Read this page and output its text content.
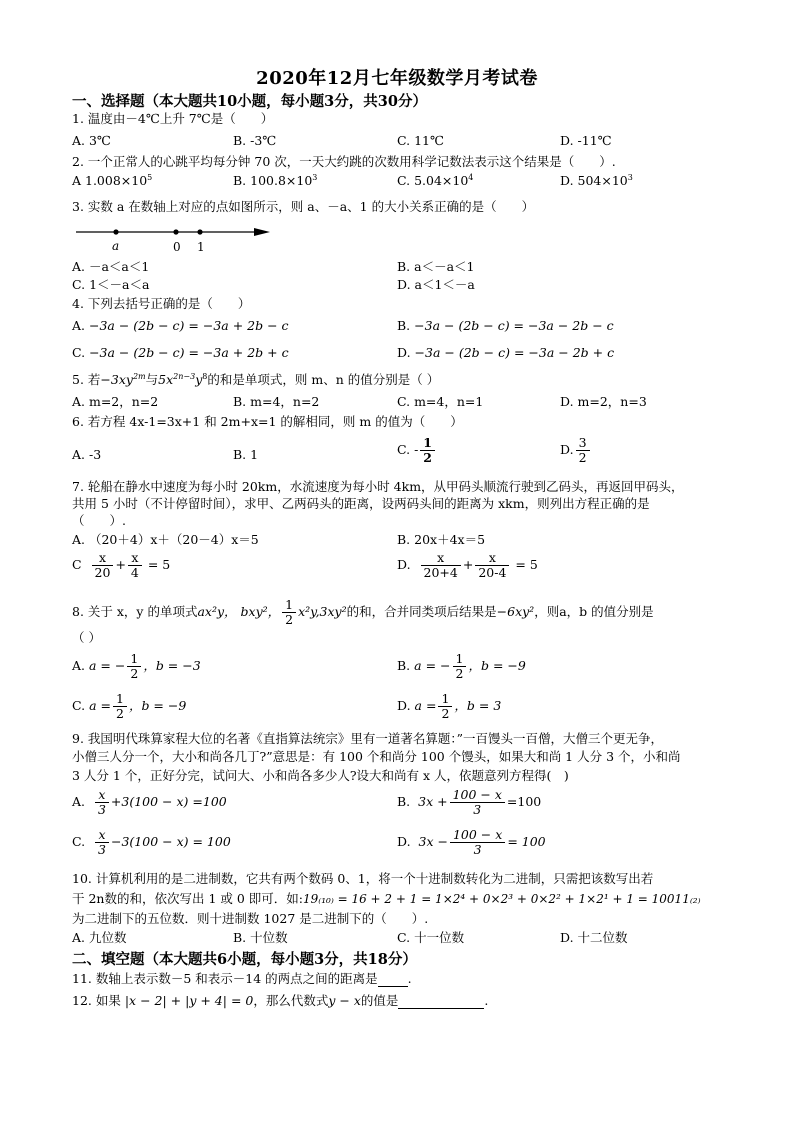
2020年12月七年级数学月考试卷
一、选择题（本大题共10小题，每小题3分，共30分）
1. 温度由－4℃上升 7℃是（　　）
A. 3℃	B. -3℃	C. 11℃	D. -11℃
2. 一个正常人的心跳平均每分钟 70 次，一天大约跳的次数用科学记数法表示这个结果是（　　）.
A $1.008\times 10^5$	B. $100.8\times 10^3$	C. $5.04\times 10^4$	D. $504\times 10^3$
3. 实数 a 在数轴上对应的点如图所示，则 a、－a、1 的大小关系正确的是（　　）
a	0 1
A. －a＜a＜1	B. a＜－a＜1
C. 1＜－a＜a	D. a＜1＜－a
4. 下列去括号正确的是（　　）
A. −3a − (2b − c) = −3a + 2b − c	B. −3a − (2b − c) = −3a − 2b − c
C. −3a − (2b − c) = −3a + 2b + c	D. −3a − (2b − c) = −3a − 2b + c
5. 若$-3xy^{2m}$与$5x^{2n-3}y^8$的和是单项式，则 m、n 的值分别是（ ）
A. m=2，n=2	B. m=4，n=2	C. m=4，n=1	D. m=2，n=3
6. 若方程 4x-1=3x+1 和 2m+x=1 的解相同，则 m 的值为（　　）
A. -3	B. 1	C. - $\frac{1}{2}$	D. $\frac{3}{2}$
7. 轮船在静水中速度为每小时 20km，水流速度为每小时 4km，从甲码头顺流行驶到乙码头，再返回甲码头，
共用 5 小时（不计停留时间），求甲、乙两码头的距离，设两码头间的距离为 xkm，则列出方程正确的是
（　　）.
A. （20＋4）x＋（20－4）x＝5	B. 20x＋4x＝5
C $\frac{x}{20} + \frac{x}{4} = 5$	D. $\frac{x}{20+4} + \frac{x}{20-4} = 5$
8. 关于 x，y 的单项式ax²y， bxy²， $\frac{1}{2} x^2y,3xy^2$的和，合并同类项后结果是−6xy²，则a，b 的值分别是
（ ）
A. a = − $\frac{1}{2}$ ，b = −3	B. a = − $\frac{1}{2}$ ，b = −9
C. $a = \frac{1}{2}$ ，b = −9	D. $a = \frac{1}{2}$ ，b = 3
9. 我国明代珠算家程大位的名著《直指算法统宗》里有一道著名算题：”一百馒头一百僧，大僧三个更无争，
小僧三人分一个，大小和尚各几丁?”意思是：有 100 个和尚分 100 个馒头，如果大和尚 1 人分 3 个，小和尚
3 人分 1 个，正好分完，试问大、小和尚各多少人?设大和尚有 x 人，依题意列方程得(　)
A. $\frac{x}{3} +3(100 - x) =100$	B. $3x + \frac{100 - x}{3} =100$
C. $\frac{x}{3} -3(100 - x) = 100$	D. $3x - \frac{100 - x}{3} = 100$
10. 计算机利用的是二进制数，它共有两个数码 0、1，将一个十进制数转化为二进制，只需把该数写出若
干 2n数的和，依次写出 1 或 0 即可．如:19₍₁₀₎ = 16 + 2 + 1 = 1×2⁴ + 0×2³ + 0×2² + 1×2¹ + 1 = 10011₍₂₎
为二进制下的五位数．则十进制数 1027 是二进制下的（　　）.
A. 九位数	B. 十位数	C. 十一位数	D. 十二位数
二、填空题（本大题共6小题，每小题3分，共18分）
11. 数轴上表示数－5 和表示－14 的两点之间的距离是 .
12. 如果 |x − 2| + |y + 4| = 0，那么代数式y − x的值是	.
